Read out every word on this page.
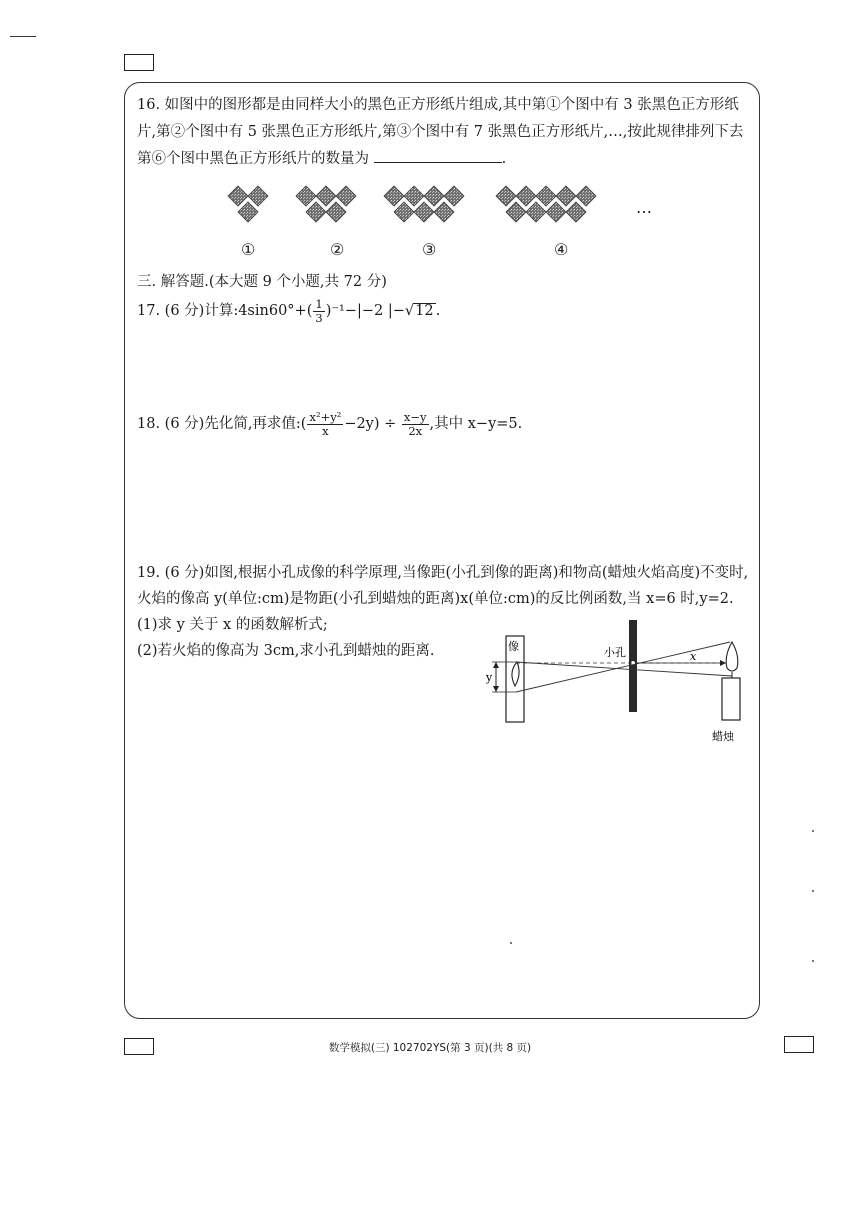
16. 如图中的图形都是由同样大小的黑色正方形纸片组成,其中第①个图中有 3 张黑色正方形纸片,第②个图中有 5 张黑色正方形纸片,第③个图中有 7 张黑色正方形纸片,…,按此规律排列下去第⑥个图中黑色正方形纸片的数量为	.
①	②	③	④
…
三. 解答题.(本大题 9 个小题,共 72 分)
17. (6 分)计算:4sin60°+( $\frac{1}{3} )^{-1}-|-2$ |−√12 .
18. (6 分)先化简,再求值:( $\frac{\text{x²+y²}}{x} -2y) \div \frac{x-y}{2x}$ ,其中 x−y=5.
19. (6 分)如图,根据小孔成像的科学原理,当像距(小孔到像的距离)和物高(蜡烛火焰高度)不变时,火焰的像高 y(单位:cm)是物距(小孔到蜡烛的距离)x(单位:cm)的反比例函数,当 x=6 时,y=2.
(1)求 y 关于 x 的函数解析式;
(2)若火焰的像高为 3cm,求小孔到蜡烛的距离.	像
y
小孔	x
蜡烛
数学模拟(三) 102702YS(第 3 页)(共 8 页)
